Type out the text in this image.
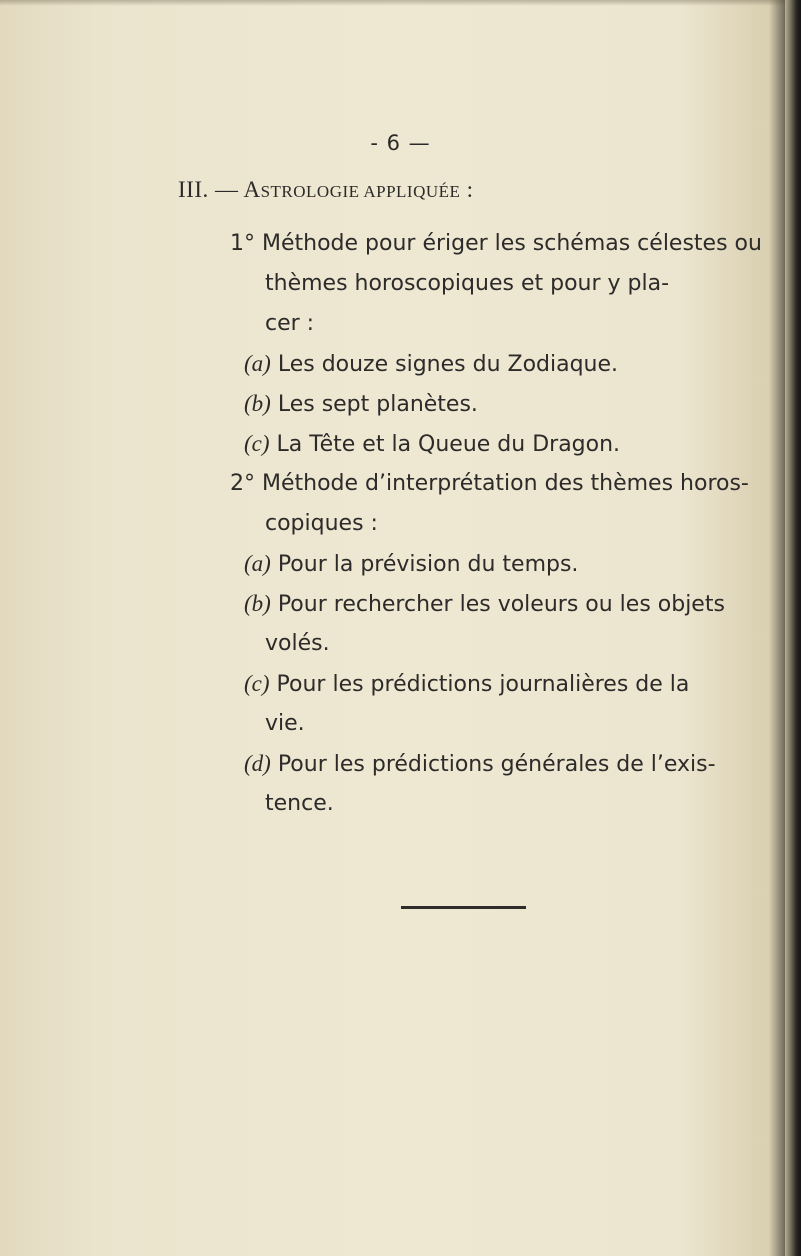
- 6 —
III. — ASTROLOGIE APPLIQUÉE :
1° Méthode pour ériger les schémas célestes ou
thèmes horoscopiques et pour y pla-
cer :
(a) Les douze signes du Zodiaque.
(b) Les sept planètes.
(c) La Tête et la Queue du Dragon.
2° Méthode d’interprétation des thèmes horos-
copiques :
(a) Pour la prévision du temps.
(b) Pour rechercher les voleurs ou les objets
volés.
(c) Pour les prédictions journalières de la
vie.
(d) Pour les prédictions générales de l’exis-
tence.
